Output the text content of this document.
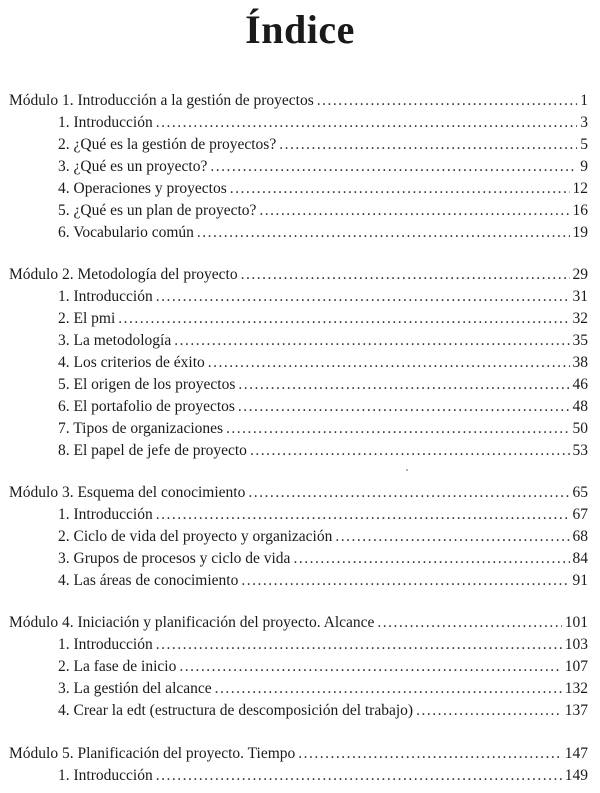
Índice
Módulo 1. Introducción a la gestión de proyectos .....	1
1. Introducción .....	3
2. ¿Qué es la gestión de proyectos? .....	5
3. ¿Qué es un proyecto? .....	9
4. Operaciones y proyectos .....	12
5. ¿Qué es un plan de proyecto? .....	16
6. Vocabulario común .....	19
Módulo 2. Metodología del proyecto .....	29
1. Introducción .....	31
2. El pmi .....	32
3. La metodología .....	35
4. Los criterios de éxito .....	38
5. El origen de los proyectos .....	46
6. El portafolio de proyectos .....	48
7. Tipos de organizaciones .....	50
8. El papel de jefe de proyecto .....	53
Módulo 3. Esquema del conocimiento .....	65
1. Introducción .....	67
2. Ciclo de vida del proyecto y organización .....	68
3. Grupos de procesos y ciclo de vida .....	84
4. Las áreas de conocimiento .....	91
Módulo 4. Iniciación y planificación del proyecto. Alcance .....	101
1. Introducción .....	103
2. La fase de inicio .....	107
3. La gestión del alcance .....	132
4. Crear la edt (estructura de descomposición del trabajo) .....	137
Módulo 5. Planificación del proyecto. Tiempo .....	147
1. Introducción .....	149
